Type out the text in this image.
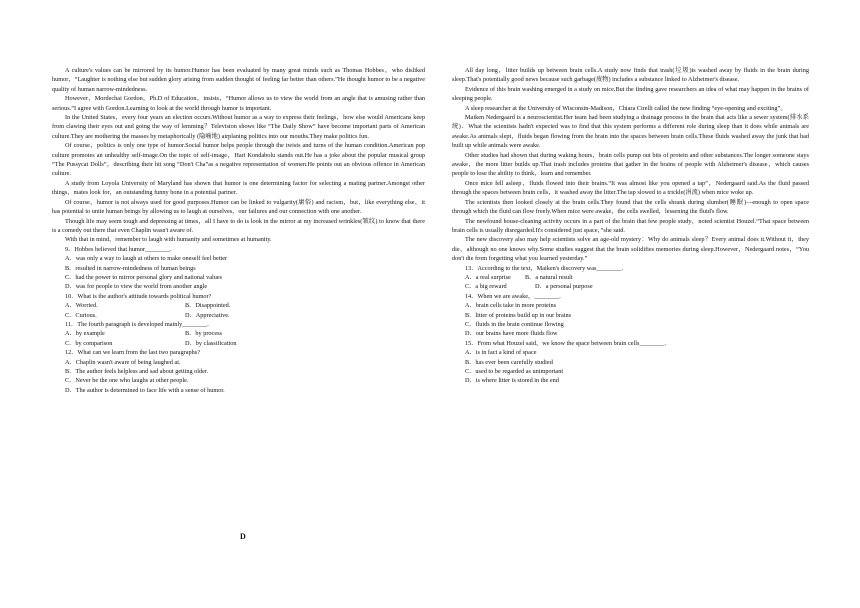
A culture's values can be mirrored by its humor.Humor has been evaluated by many great minds such as Thomas Hobbes，who disliked humor，“Laughter is nothing else but sudden glory arising from sudden thought of feeling far better than others.”He thought humor to be a negative quality of human narrow-mindedness.

However，Mordechai Gordon，Ph.D of Education，insists，“Humor allows us to view the world from an angle that is amusing rather than serious.”I agree with Gordon.Learning to look at the world through humor is important.

In the United States，every four years an election occurs.Without humor as a way to express their feelings，how else would Americans keep from clawing their eyes out and going the way of lemming？Television shows like “The Daily Show” have become important parts of American culture.They are mothering the masses by metaphorically (隐喻地) airplaning politics into our mouths.They make politics fun.

Of course，politics is only one type of humor.Social humor helps people through the twists and turns of the human condition.American pop culture promotes an unhealthy self-image.On the topic of self-image，Hari Kondabolu stands out.He has a joke about the popular musical group “The Pussycat Dolls”，describing their hit song “Don't Cha”as a negative representation of women.He points out an obvious offence in American culture.

A study from Loyola University of Maryland has shown that humor is one determining factor for selecting a mating partner.Amongst other things，mates look for，an outstanding funny bone in a potential partner.

Of course，humor is not always used for good purposes.Humor can be linked to vulgarity(庸俗) and racism，but，like everything else，it has potential to unite human beings by allowing us to laugh at ourselves，our failures and our connection with one another.

Though life may seem tough and depressing at times，all I have to do is look in the mirror at my increased wrinkles(皱纹) to know that there is a comedy out there that even Chaplin wasn't aware of.

With that in mind，remember to laugh with humanity and sometimes at humanity.

9．Hobbes believed that humor________.

A．was only a way to laugh at others to make oneself feel better

B．resulted in narrow-mindedness of human beings

C．had the power to mirror personal glory and national values

D．was for people to view the world from another angle

10．What is the author's attitude towards political humor?

A．Worried.	B．Disappointed.
C．Curious.	D．Appreciative.

11．The fourth paragraph is developed mainly________.

A．by example	B．by process
C．by comparison	D．by classification

12．What can we learn from the last two paragraphs?

A．Chaplin wasn't aware of being laughed at.

B．The author feels helpless and sad about getting older.

C．Never be the one who laughs at other people.

D．The author is determined to face life with a sense of humor.

D

All day long，litter builds up between brain cells.A study now finds that trash(垃圾)is washed away by fluids in the brain during sleep.That's potentially good news because such garbage(废物) includes a substance linked to Alzheimer's disease.

Evidence of this brain washing emerged in a study on mice.But the finding gave researchers an idea of what may happen in the brains of sleeping people.

A sleep researcher at the University of Wisconsin-Madison，Chiara Cirelli called the new finding “eye-opening and exciting”。

Maiken Nedergaard is a neuroscientist.Her team had been studying a drainage process in the brain that acts like a sewer system(排水系统)．What the scientists hadn't expected was to find that this system performs a different role during sleep than it does while animals are awake.As animals slept，fluids began flowing from the brain into the spaces between brain cells.These fluids washed away the junk that had built up while animals were awake.

Other studies had shown that during waking hours，brain cells pump out bits of protein and other substances.The longer someone stays awake，the more litter builds up.That trash includes proteins that gather in the brains of people with Alzheimer's disease，which causes people to lose the ability to think，learn and remember.

Once mice fell asleep，fluids flowed into their brains.“It was almost like you opened a tap”，Nedergaard said.As the fluid passed through the spaces between brain cells，it washed away the litter.The tap slowed to a trickle(涓流) when mice woke up.

The scientists then looked closely at the brain cells.They found that the cells shrank during slumber(睡眠)—enough to open space through which the fluid can flow freely.When mice were awake，the cells swelled，lessening the fluid's flow.

The newfound house-cleaning activity occurs in a part of the brain that few people study，noted scientist Houzel.“That space between brain cells is usually disregarded.It's considered just space，”she said.

The new discovery also may help scientists solve an age-old mystery：Why do animals sleep？Every animal does it.Without it，they die，although no one knows why.Some studies suggest that the brain solidifies memories during sleep.However，Nedergaard notes，“You don't die from forgetting what you learned yesterday.”

13．According to the text，Maiken's discovery was________.

A．a real surprise	B．a natural result
C．a big reward	D．a personal purpose

14．When we are awake，________.

A．brain cells take in more proteins

B．litter of proteins build up in our brains

C．fluids in the brain continue flowing

D．our brains have more fluids flow

15．From what Houzel said，we know the space between brain cells________.

A．is in fact a kind of space

B．has ever been carefully studied

C．used to be regarded as unimportant

D．is where litter is stored in the end
